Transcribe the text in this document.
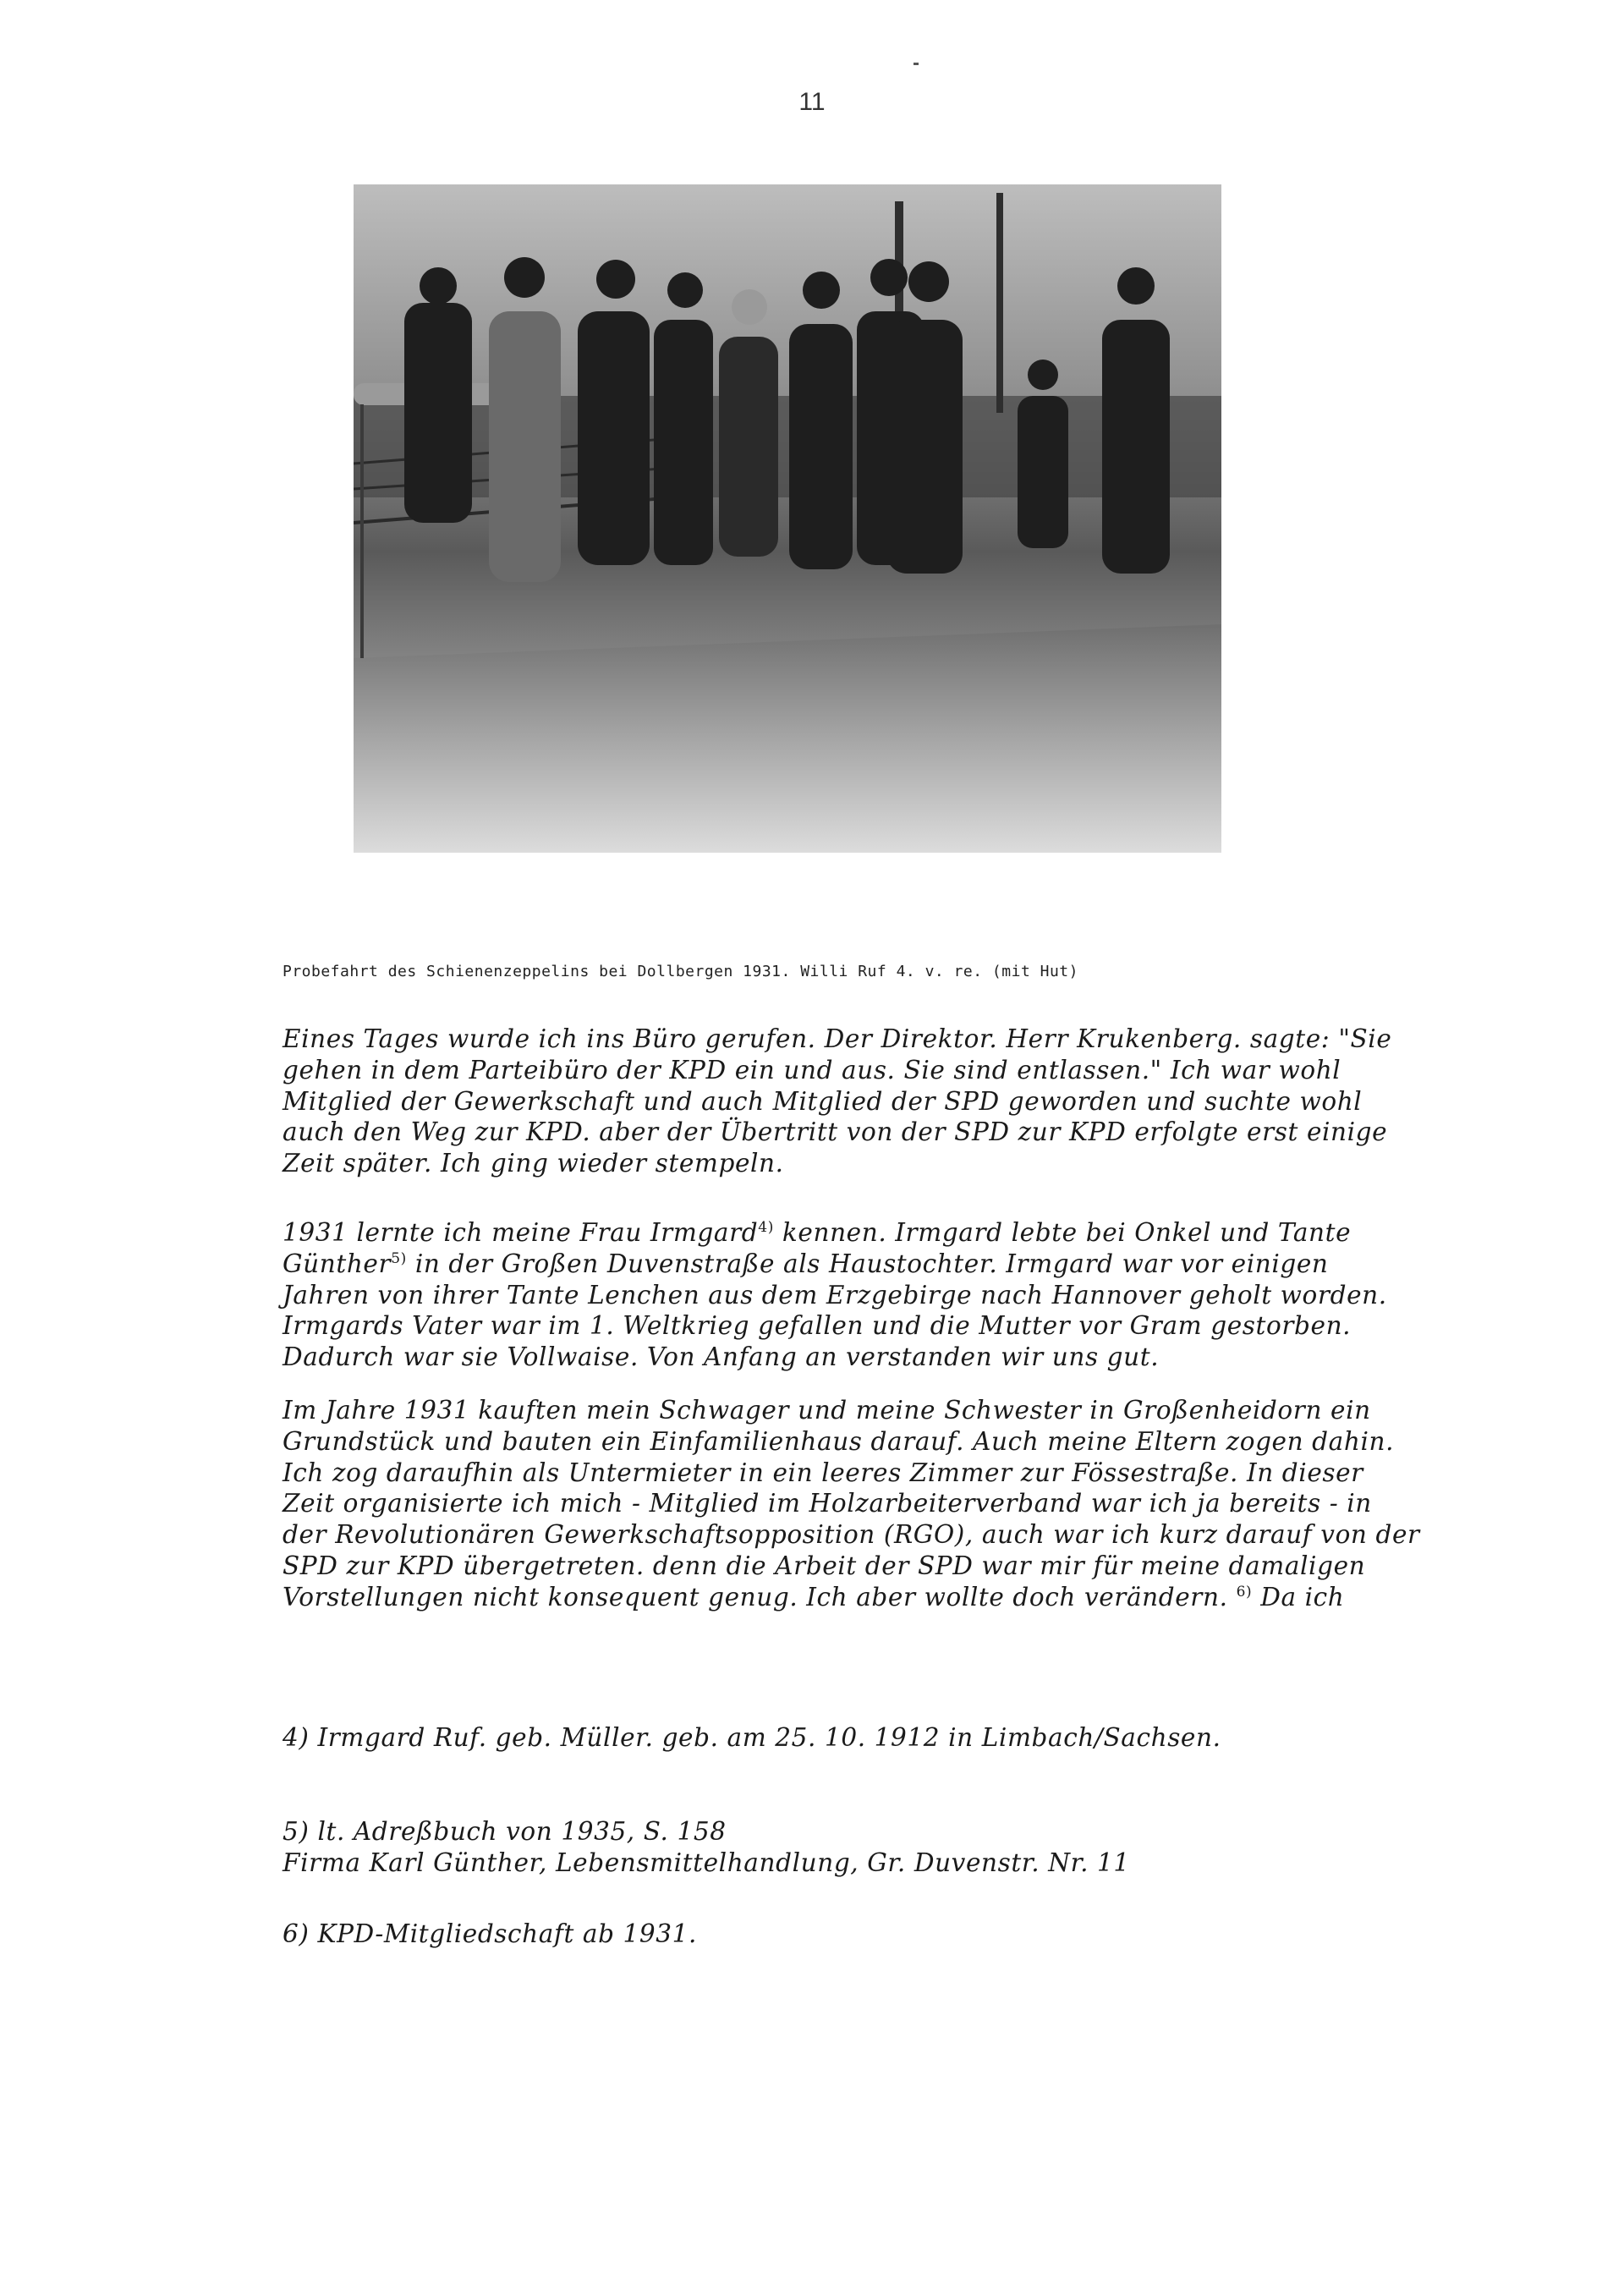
11
Probefahrt des Schienenzeppelins bei Dollbergen 1931. Willi Ruf 4. v. re. (mit Hut)

Eines Tages wurde ich ins Büro gerufen. Der Direktor. Herr Krukenberg. sagte: "Sie

gehen in dem Parteibüro der KPD ein und aus. Sie sind entlassen." Ich war wohl

Mitglied der Gewerkschaft und auch Mitglied der SPD geworden und suchte wohl

auch den Weg zur KPD. aber der Übertritt von der SPD zur KPD erfolgte erst einige

Zeit später. Ich ging wieder stempeln.

1931 lernte ich meine Frau Irmgard$^{4)}$ kennen. Irmgard lebte bei Onkel und Tante

Günther$^{5)}$ in der Großen Duvenstraße als Haustochter. Irmgard war vor einigen

Jahren von ihrer Tante Lenchen aus dem Erzgebirge nach Hannover geholt worden.

Irmgards Vater war im 1. Weltkrieg gefallen und die Mutter vor Gram gestorben.

Dadurch war sie Vollwaise. Von Anfang an verstanden wir uns gut.

Im Jahre 1931 kauften mein Schwager und meine Schwester in Großenheidorn ein

Grundstück und bauten ein Einfamilienhaus darauf. Auch meine Eltern zogen dahin.

Ich zog daraufhin als Untermieter in ein leeres Zimmer zur Fössestraße. In dieser

Zeit organisierte ich mich - Mitglied im Holzarbeiterverband war ich ja bereits - in

der Revolutionären Gewerkschaftsopposition (RGO), auch war ich kurz darauf von der

SPD zur KPD übergetreten. denn die Arbeit der SPD war mir für meine damaligen

Vorstellungen nicht konsequent genug. Ich aber wollte doch verändern. $^{6)}$ Da ich

4) Irmgard Ruf. geb. Müller. geb. am 25. 10. 1912 in Limbach/Sachsen.
5) lt. Adreßbuch von 1935, S. 158
Firma Karl Günther, Lebensmittelhandlung, Gr. Duvenstr. Nr. 11
6) KPD-Mitgliedschaft ab 1931.
